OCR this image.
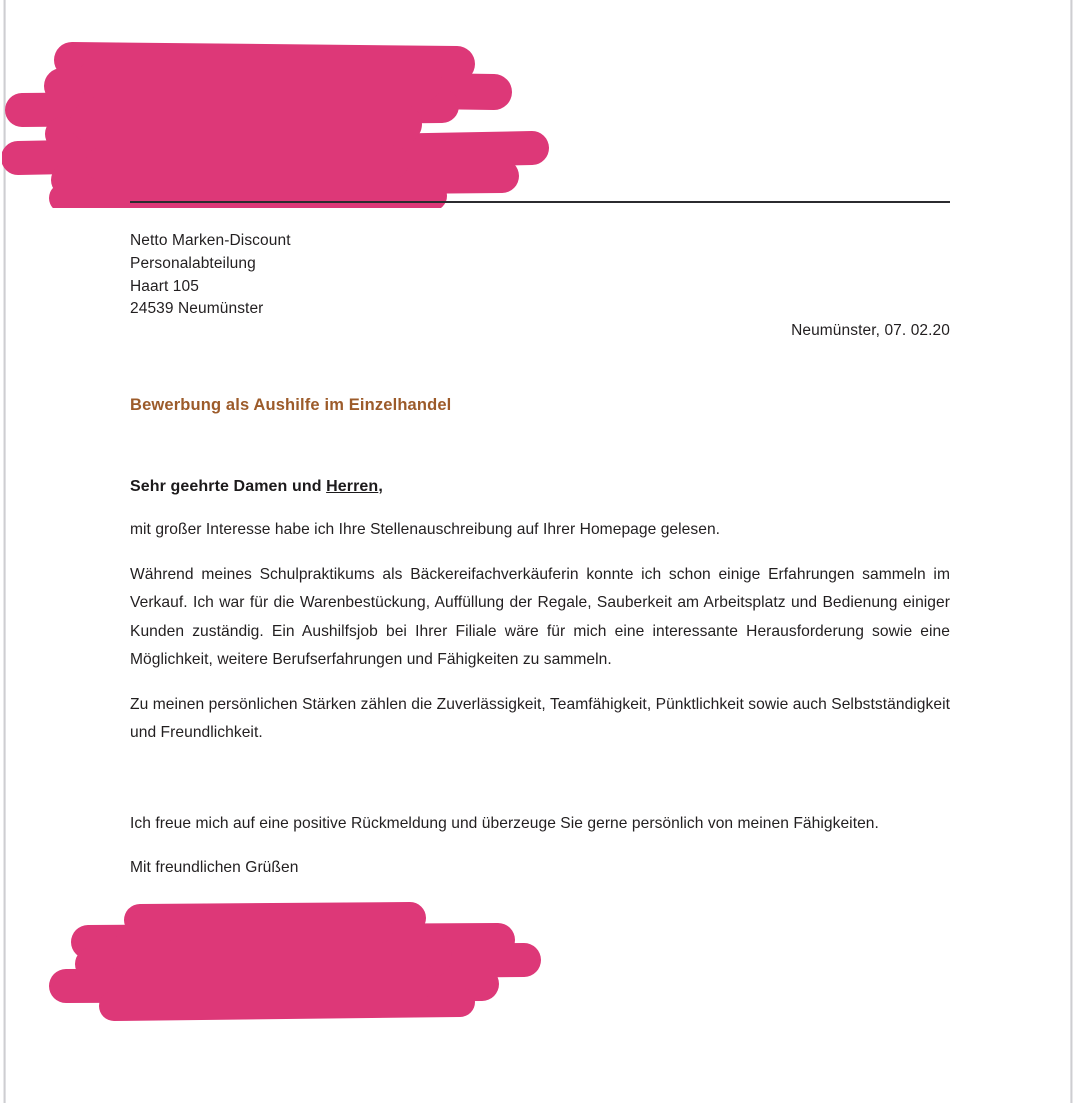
Netto Marken-Discount
Personalabteilung
Haart 105
24539 Neumünster
Neumünster, 07. 02.20
Bewerbung als Aushilfe im Einzelhandel
Sehr geehrte Damen und Herren,

mit großer Interesse habe ich Ihre Stellenauschreibung auf Ihrer Homepage gelesen.

Während meines Schulpraktikums als Bäckereifachverkäuferin konnte ich schon einige Erfahrungen sammeln im Verkauf. Ich war für die Warenbestückung, Auffüllung der Regale, Sauberkeit am Arbeitsplatz und Bedienung einiger Kunden zuständig. Ein Aushilfsjob bei Ihrer Filiale wäre für mich eine interessante Herausforderung sowie eine Möglichkeit, weitere Berufserfahrungen und Fähigkeiten zu sammeln.

Zu meinen persönlichen Stärken zählen die Zuverlässigkeit, Teamfähigkeit, Pünktlichkeit sowie auch Selbstständigkeit und Freundlichkeit.

Ich freue mich auf eine positive Rückmeldung und überzeuge Sie gerne persönlich von meinen Fähigkeiten.

Mit freundlichen Grüßen
